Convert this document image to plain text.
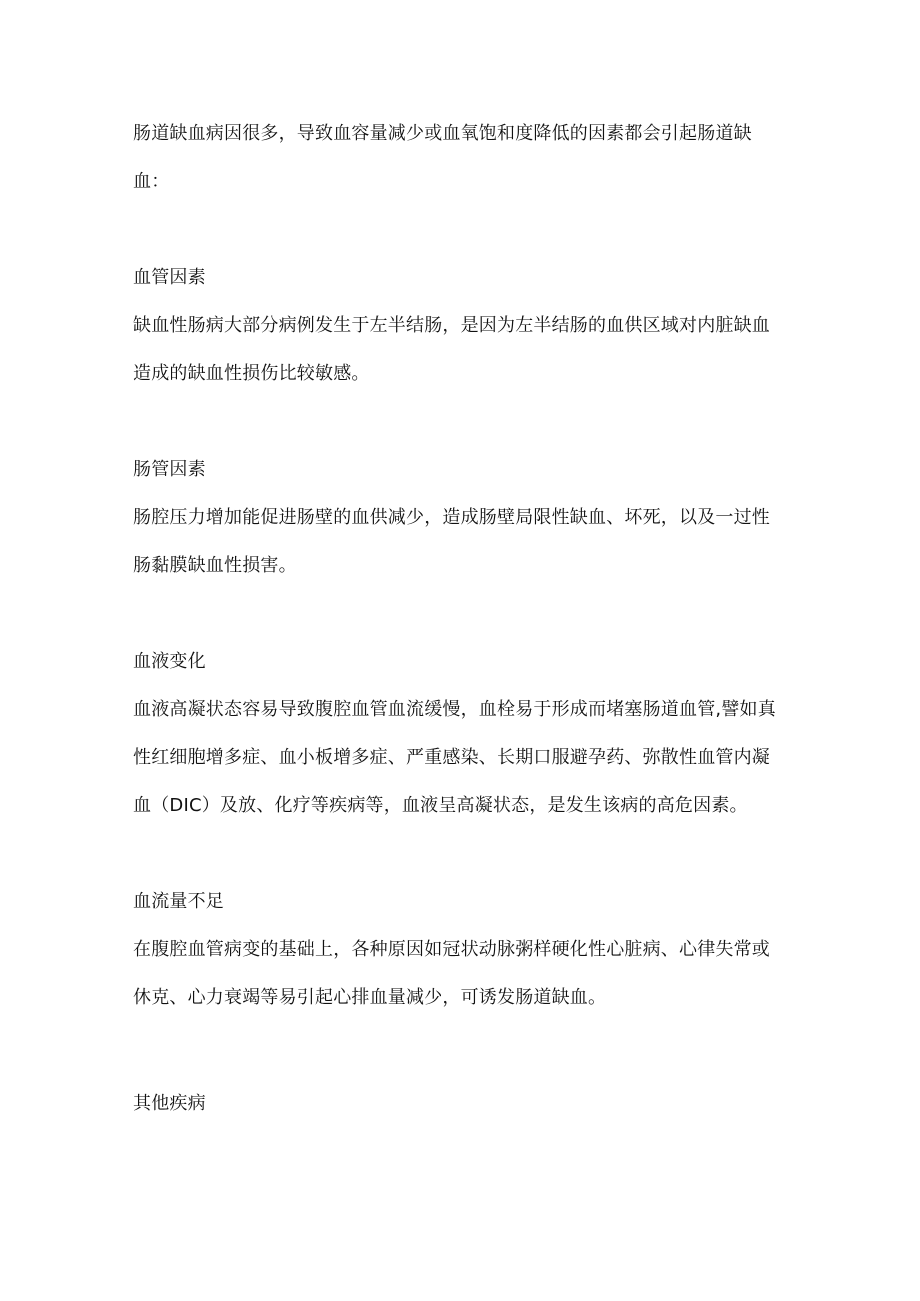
肠道缺血病因很多，导致血容量减少或血氧饱和度降低的因素都会引起肠道缺
血：
血管因素
缺血性肠病大部分病例发生于左半结肠，是因为左半结肠的血供区域对内脏缺血
造成的缺血性损伤比较敏感。
肠管因素
肠腔压力增加能促进肠壁的血供减少，造成肠壁局限性缺血、坏死，以及一过性
肠黏膜缺血性损害。
血液变化
血液高凝状态容易导致腹腔血管血流缓慢，血栓易于形成而堵塞肠道血管,譬如真
性红细胞增多症、血小板增多症、严重感染、长期口服避孕药、弥散性血管内凝
血（DIC）及放、化疗等疾病等，血液呈高凝状态，是发生该病的高危因素。
血流量不足
在腹腔血管病变的基础上，各种原因如冠状动脉粥样硬化性心脏病、心律失常或
休克、心力衰竭等易引起心排血量减少，可诱发肠道缺血。
其他疾病
